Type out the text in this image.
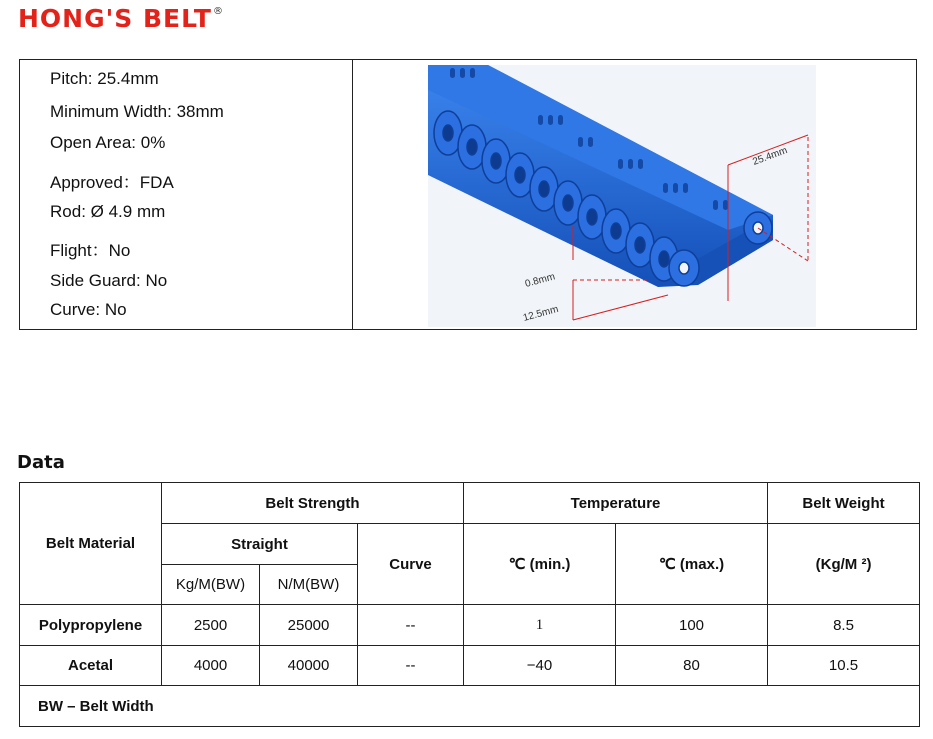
HONG'S BELT®
Pitch: 25.4mm
Minimum Width: 38mm
Open Area: 0%
Approved：FDA
Rod: Ø 4.9 mm
Flight：No
Side Guard: No
Curve: No
25.4mm
0.8mm
12.5mm
Data
Belt Material	Belt Strength			Temperature		Belt Weight
	Straight		Curve	℃ (min.)	℃ (max.)	(Kg/M ²)
	Kg/M(BW)	N/M(BW)				
Polypropylene	2500	25000	--	1	100	8.5
Acetal	4000	40000	--	−40	80	10.5
BW – Belt Width						
